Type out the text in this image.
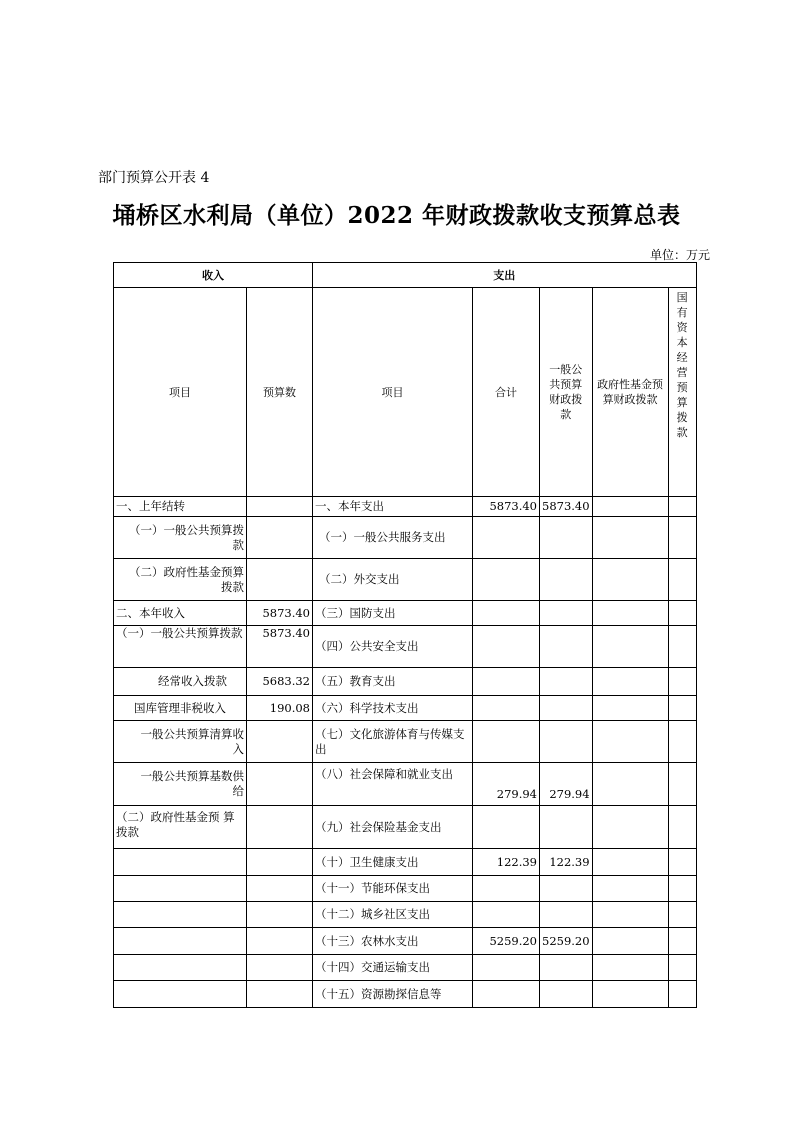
部门预算公开表 4
埇桥区水利局（单位）2022 年财政拨款收支预算总表
单位：万元
收入		支出				
项目	预算数	项目	合计	一般公共预算财政拨款	政府性基金预算财政拨款	国有资本经营预算拨款
一、上年结转		一、本年支出	5873.40	5873.40		
（一）一般公共预算拨款		（一）一般公共服务支出				
（二）政府性基金预算拨款		（二）外交支出				
二、本年收入	5873.40	（三）国防支出				
（一）一般公共预算拨款	5873.40	（四）公共安全支出				
经常收入拨款	5683.32	（五）教育支出				
国库管理非税收入	190.08	（六）科学技术支出				
一般公共预算清算收入		（七）文化旅游体育与传媒支出				
一般公共预算基数供给		（八）社会保障和就业支出	279.94	279.94		
（二）政府性基金预 算拨款		（九）社会保险基金支出				
		（十）卫生健康支出	122.39	122.39		
		（十一）节能环保支出				
		（十二）城乡社区支出				
		（十三）农林水支出	5259.20	5259.20		
		（十四）交通运输支出				
		（十五）资源勘探信息等				
